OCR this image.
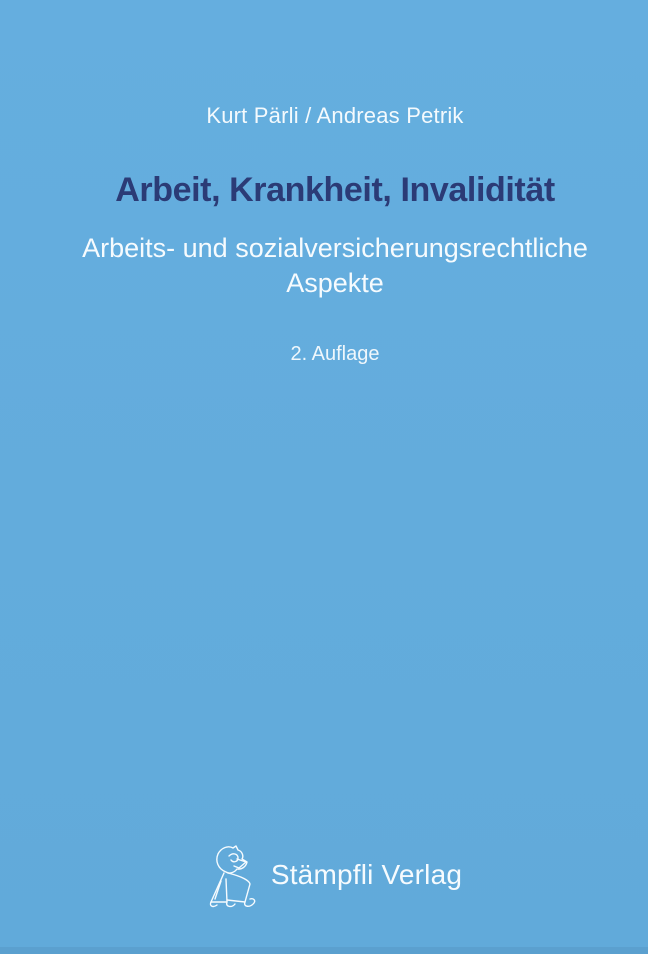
Kurt Pärli / Andreas Petrik
Arbeit, Krankheit, Invalidität
Arbeits- und sozialversicherungsrechtliche
Aspekte
2. Auflage
Stämpfli Verlag
